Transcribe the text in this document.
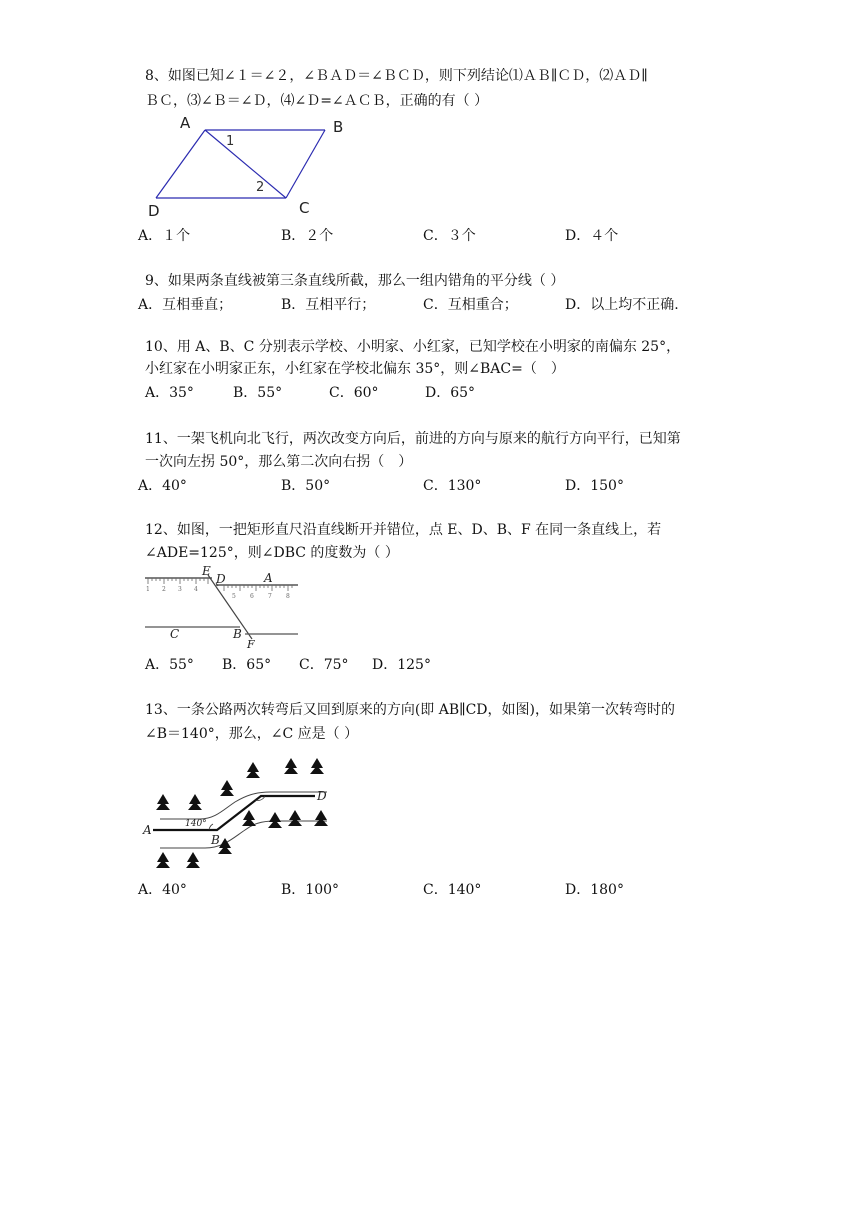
8、如图已知∠１＝∠２，∠ＢＡＤ＝∠ＢＣＤ，则下列结论⑴ＡＢ∥ＣＤ，⑵ＡＤ∥
ＢＣ，⑶∠Ｂ＝∠Ｄ，⑷∠Ｄ=∠ＡＣＢ，正确的有（ ）
A	B
C
D
1
2
A．１个	B．２个	C．３个	D．４个
9、如果两条直线被第三条直线所截，那么一组内错角的平分线（ ）
A．互相垂直；	B．互相平行；	C．互相重合；	D．以上均不正确.
10、用 A、B、C 分别表示学校、小明家、小红家，已知学校在小明家的南偏东 25°，
小红家在小明家正东，小红家在学校北偏东 35°，则∠BAC=（　）
A．35°	B．55°	C．60°	D．65°
11、一架飞机向北飞行，两次改变方向后，前进的方向与原来的航行方向平行，已知第
一次向左拐 50°，那么第二次向右拐（　）
A．40°	B．50°	C．130°	D．150°
12、如图，一把矩形直尺沿直线断开并错位，点 E、D、B、F 在同一条直线上，若
∠ADE=125°，则∠DBC 的度数为（ ）
1 2 3 4
5 6 7 8
E
D	A
C	B
F
A．55° B．65° C．75° D．125°
13、一条公路两次转弯后又回到原来的方向(即 AB∥CD，如图)，如果第一次转弯时的
∠B＝140°，那么，∠C 应是（ ）
A
B
D
140°
A．40°	B．100°	C．140°	D．180°
